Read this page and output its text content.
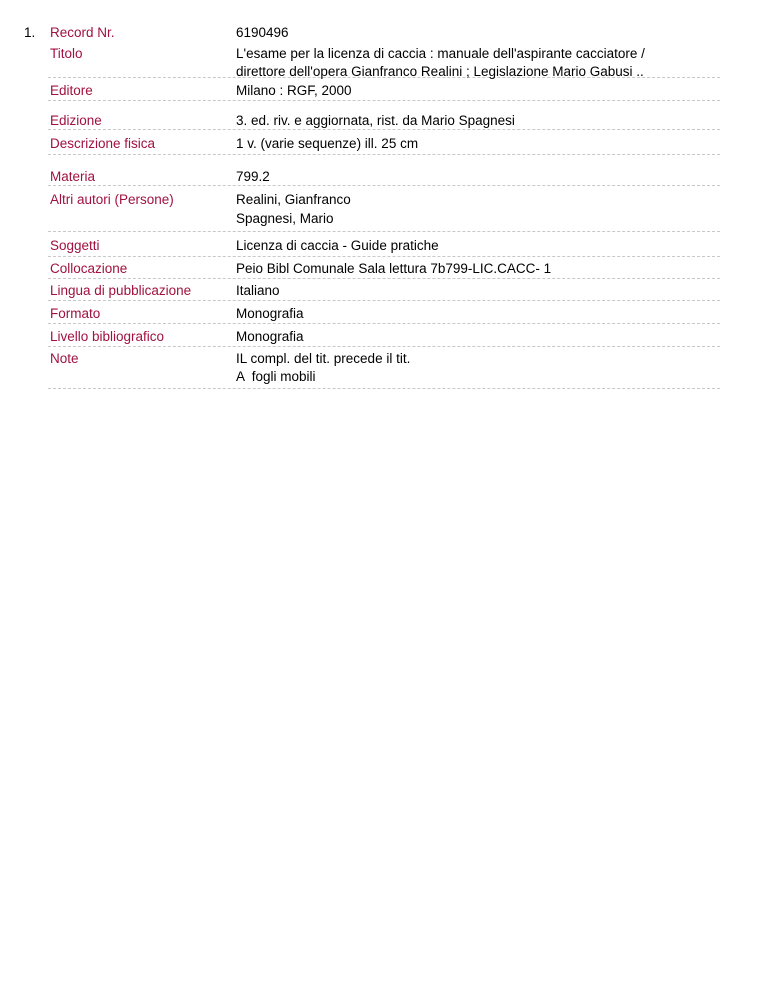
1. Record Nr.	6190496
Titolo	L'esame per la licenza di caccia : manuale dell'aspirante cacciatore /
direttore dell'opera Gianfranco Realini ; Legislazione Mario Gabusi ..
Editore	Milano : RGF, 2000
Edizione	3. ed. riv. e aggiornata, rist. da Mario Spagnesi
Descrizione fisica	1 v. (varie sequenze) ill. 25 cm
Materia	799.2
Altri autori (Persone)	Realini, Gianfranco
Spagnesi, Mario
Soggetti	Licenza di caccia - Guide pratiche
Collocazione	Peio Bibl Comunale Sala lettura 7b799-LIC.CACC- 1
Lingua di pubblicazione	Italiano
Formato	Monografia
Livello bibliografico	Monografia
Note	IL compl. del tit. precede il tit.
A  fogli mobili
